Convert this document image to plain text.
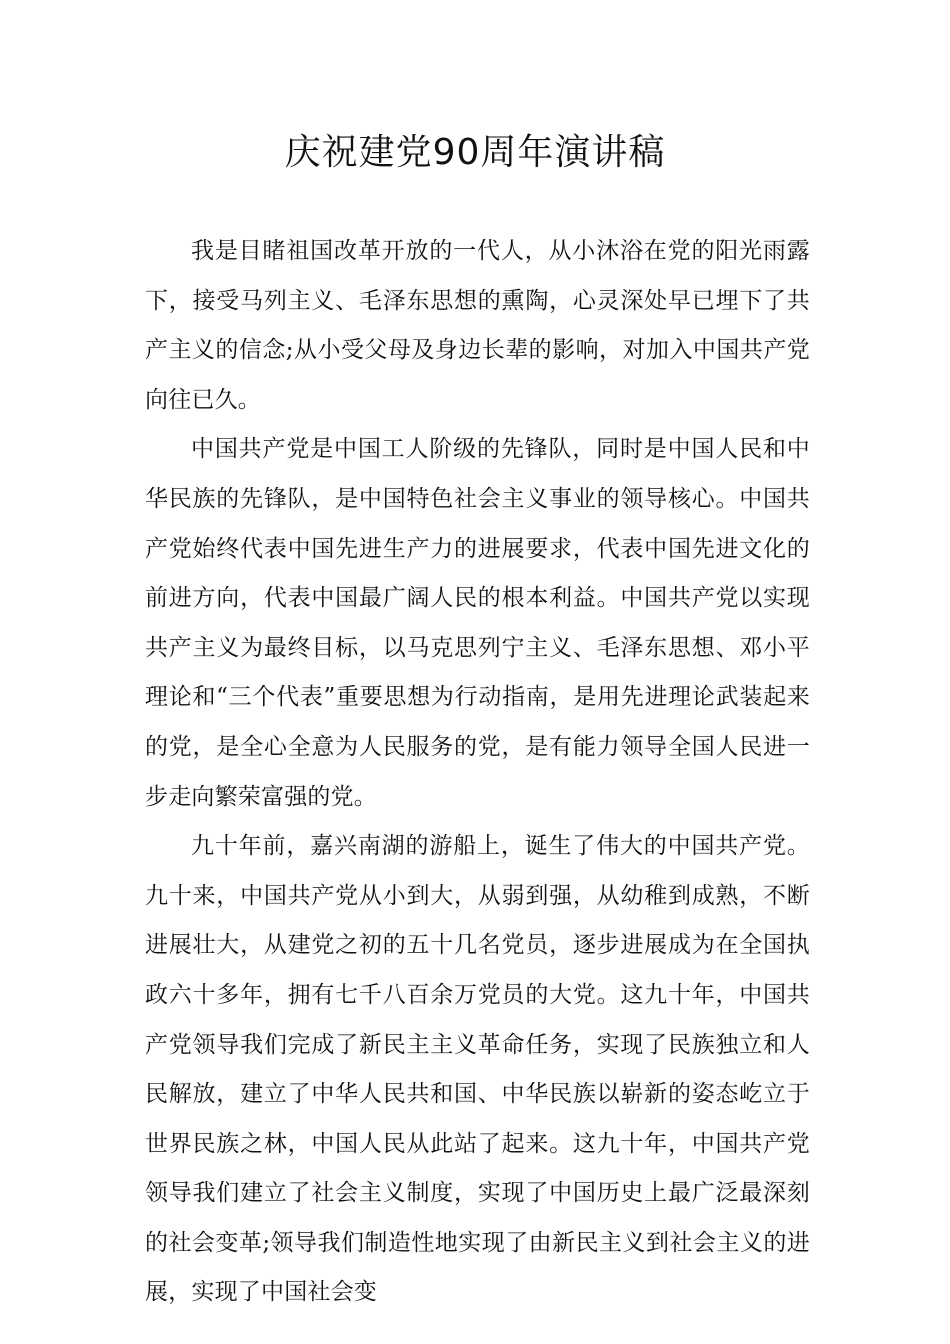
庆祝建党90周年演讲稿

我是目睹祖国改革开放的一代人，从小沐浴在党的阳光雨露下，接受马列主义、毛泽东思想的熏陶，心灵深处早已埋下了共产主义的信念;从小受父母及身边长辈的影响，对加入中国共产党向往已久。

中国共产党是中国工人阶级的先锋队，同时是中国人民和中华民族的先锋队，是中国特色社会主义事业的领导核心。中国共产党始终代表中国先进生产力的进展要求，代表中国先进文化的前进方向，代表中国最广阔人民的根本利益。中国共产党以实现共产主义为最终目标，以马克思列宁主义、毛泽东思想、邓小平理论和“三个代表”重要思想为行动指南，是用先进理论武装起来的党，是全心全意为人民服务的党，是有能力领导全国人民进一步走向繁荣富强的党。

九十年前，嘉兴南湖的游船上，诞生了伟大的中国共产党。九十来，中国共产党从小到大，从弱到强，从幼稚到成熟，不断进展壮大，从建党之初的五十几名党员，逐步进展成为在全国执政六十多年，拥有七千八百余万党员的大党。这九十年，中国共产党领导我们完成了新民主主义革命任务，实现了民族独立和人民解放，建立了中华人民共和国、中华民族以崭新的姿态屹立于世界民族之林，中国人民从此站了起来。这九十年，中国共产党领导我们建立了社会主义制度，实现了中国历史上最广泛最深刻的社会变革;领导我们制造性地实现了由新民主义到社会主义的进展，实现了中国社会变
